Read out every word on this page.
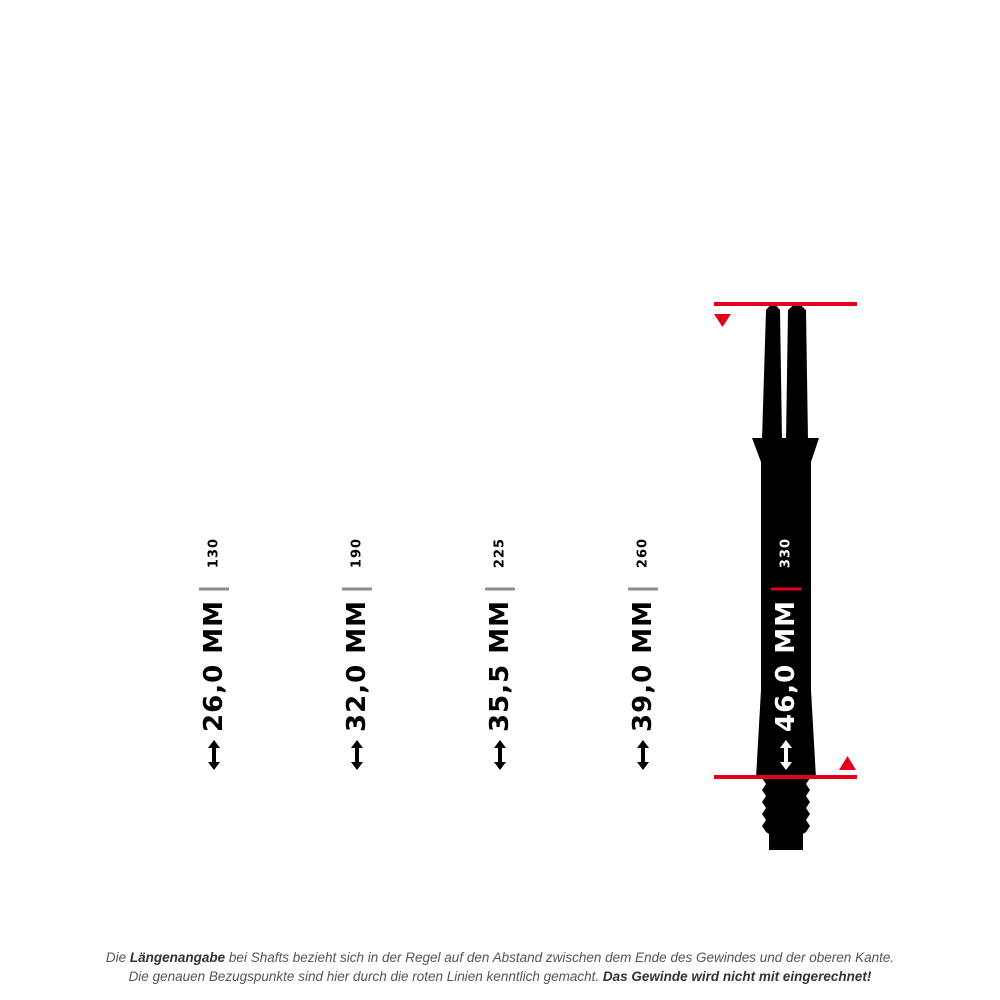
130
26,0 MM
190
32,0 MM
225
35,5 MM
260
39,0 MM
330
46,0 MM
Die Längenangabe bei Shafts bezieht sich in der Regel auf den Abstand zwischen dem Ende des Gewindes und der oberen Kante.
Die genauen Bezugspunkte sind hier durch die roten Linien kenntlich gemacht. Das Gewinde wird nicht mit eingerechnet!
